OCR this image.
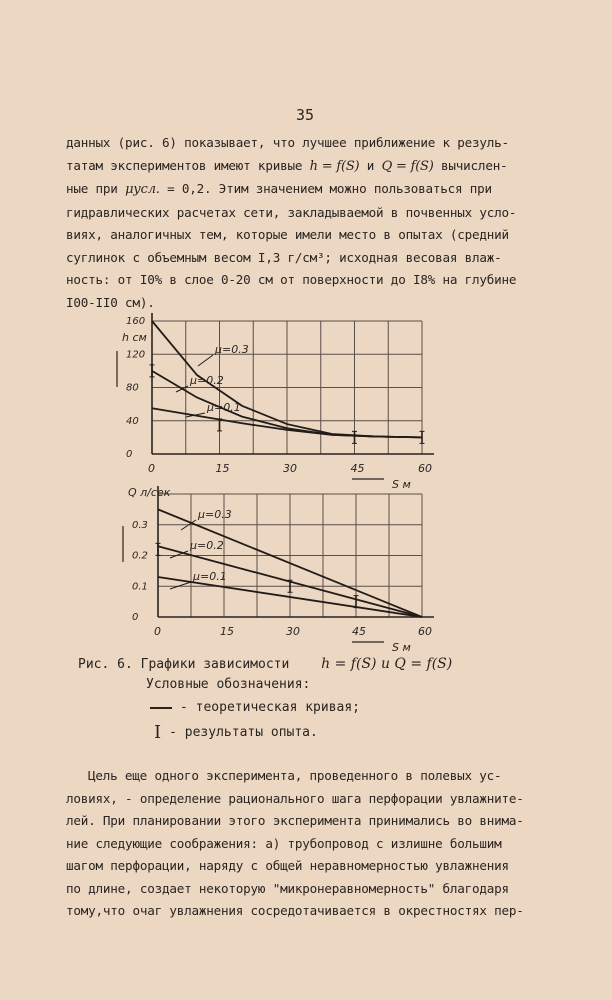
35
данных (рис. 6) показывает, что лучшее приближение к резуль-
татам экспериментов имеют кривые h = f(S) и Q = f(S) вычислен-
ные при μусл. = 0,2. Этим значением можно пользоваться при
гидравлических расчетах сети, закладываемой в почвенных усло-
виях, аналогичных тем, которые имели место в опытах (средний
суглинок с объемным весом I,3 г/см³; исходная весовая влаж-
ность: от I0% в слое 0-20 см от поверхности до I8% на глубине
I00-II0 см).
0	15	30	45	60
0
40
80
120
160
h см
S м
μ=0.3
μ=0.2
μ=0.1
0	15	30	45	60
0
0.1
0.2
0.3
Q л/сек
S м
μ=0.3
μ=0.2
μ=0.1
Рис. 6. Графики зависимости h = f(S) и Q = f(S)
Условные обозначения:
- теоретическая кривая;
I - результаты опыта.
Цель еще одного эксперимента, проведенного в полевых ус-
ловиях, - определение рационального шага перфорации увлажните-
лей. При планировании этого эксперимента принимались во внима-
ние следующие соображения: а) трубопровод с излишне большим
шагом перфорации, наряду с общей неравномерностью увлажнения
по длине, создает некоторую "микронеравномерность" благодаря
тому,что очаг увлажнения сосредотачивается в окрестностях пер-
